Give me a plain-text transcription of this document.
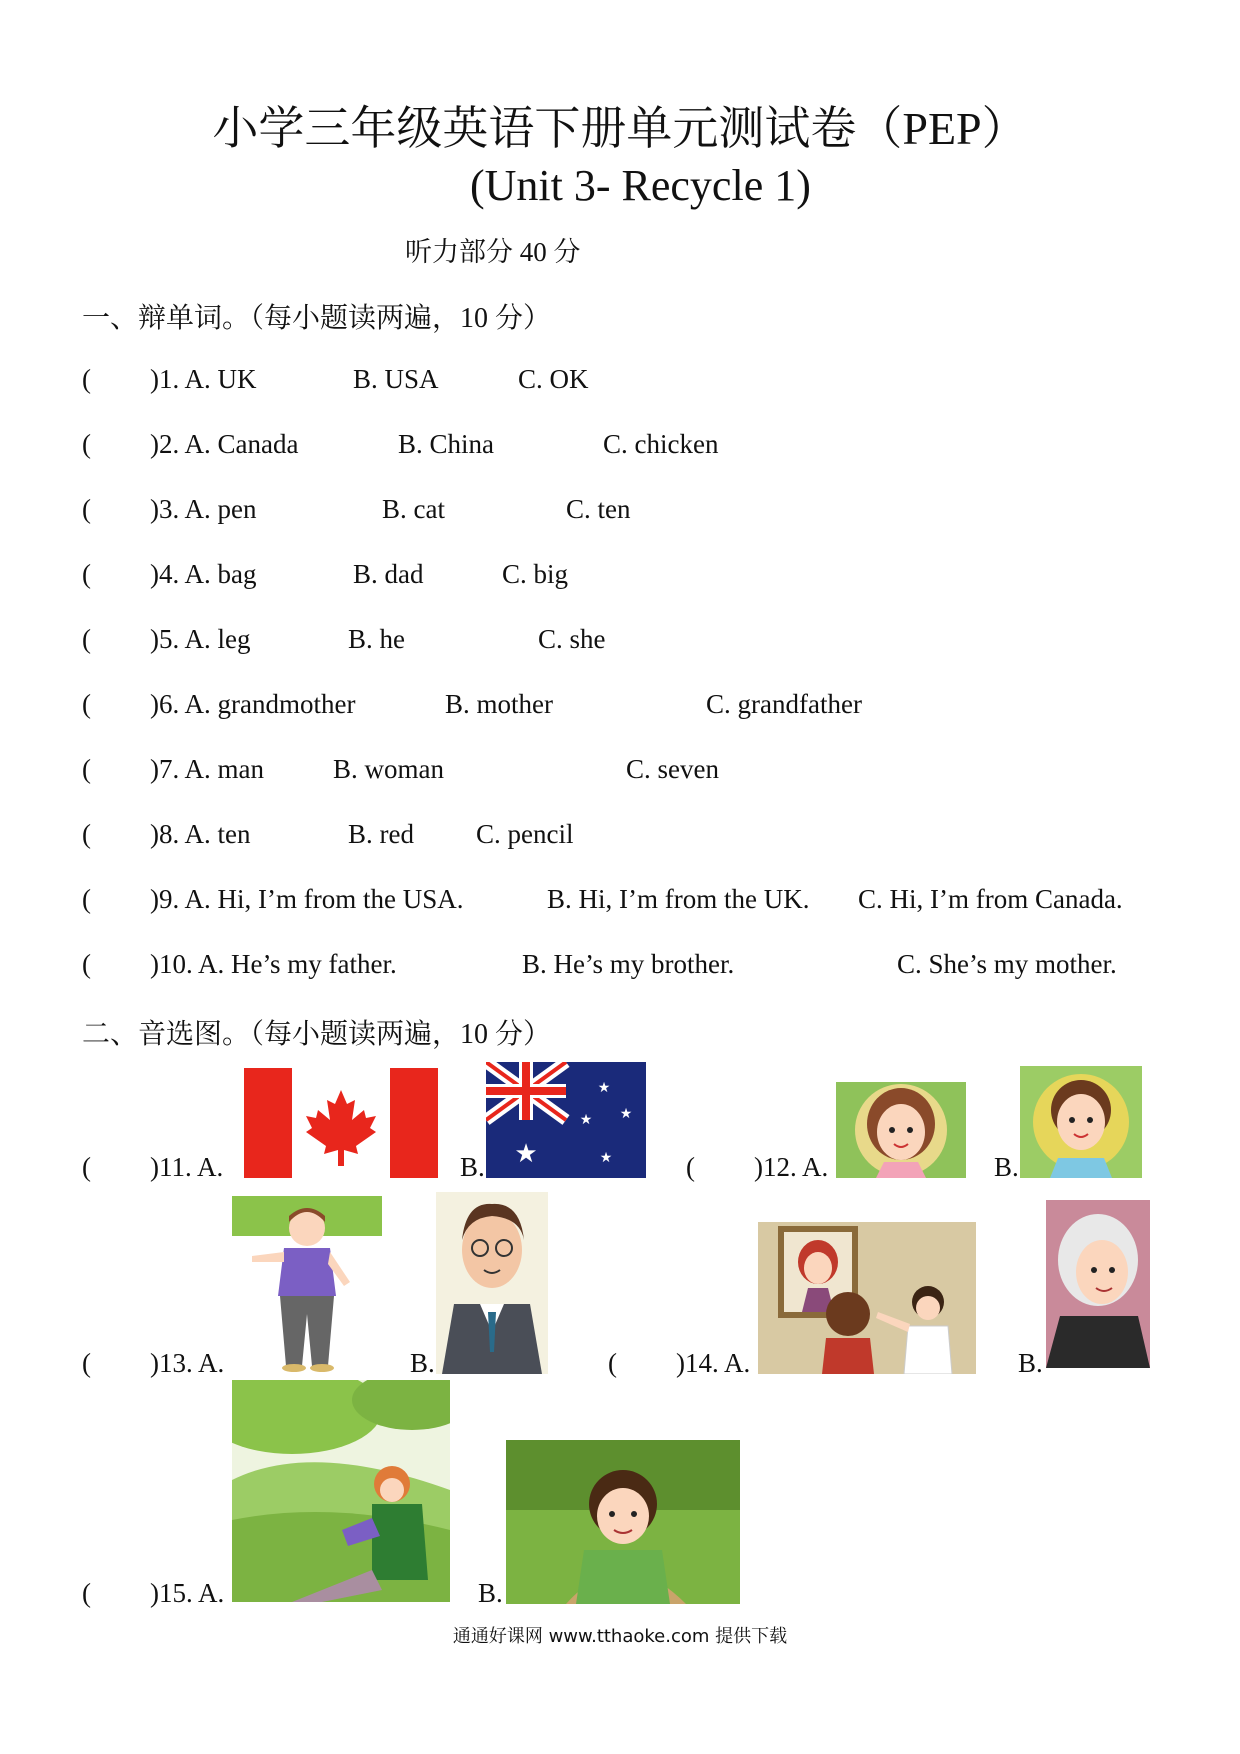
小学三年级英语下册单元测试卷（PEP）
(Unit 3- Recycle 1)
听力部分 40 分
一、辩单词。（每小题读两遍，10 分）
( )1. A. UK	B. USA	C. OK
( )2. A. Canada	B. China	C. chicken
( )3. A. pen	B. cat	C. ten
( )4. A. bag	B. dad	C. big
( )5. A. leg	B. he	C. she
( )6. A. grandmother	B. mother	C. grandfather
( )7. A. man	B. woman	C. seven
( )8. A. ten	B. red C. pencil
( )9. A. Hi, I’m from the USA.	B. Hi, I’m from the UK. C. Hi, I’m from Canada.
( )10. A. He’s my father.	B. He’s my brother.	C. She’s my mother.
二、音选图。（每小题读两遍，10 分）
( )11. A.	B. ★
★
★ ★
★	( )12. A.	B.
( )13. A.	B.	( )14. A.	B.
( )15. A.	B.
通通好课网 www.tthaoke.com 提供下载
